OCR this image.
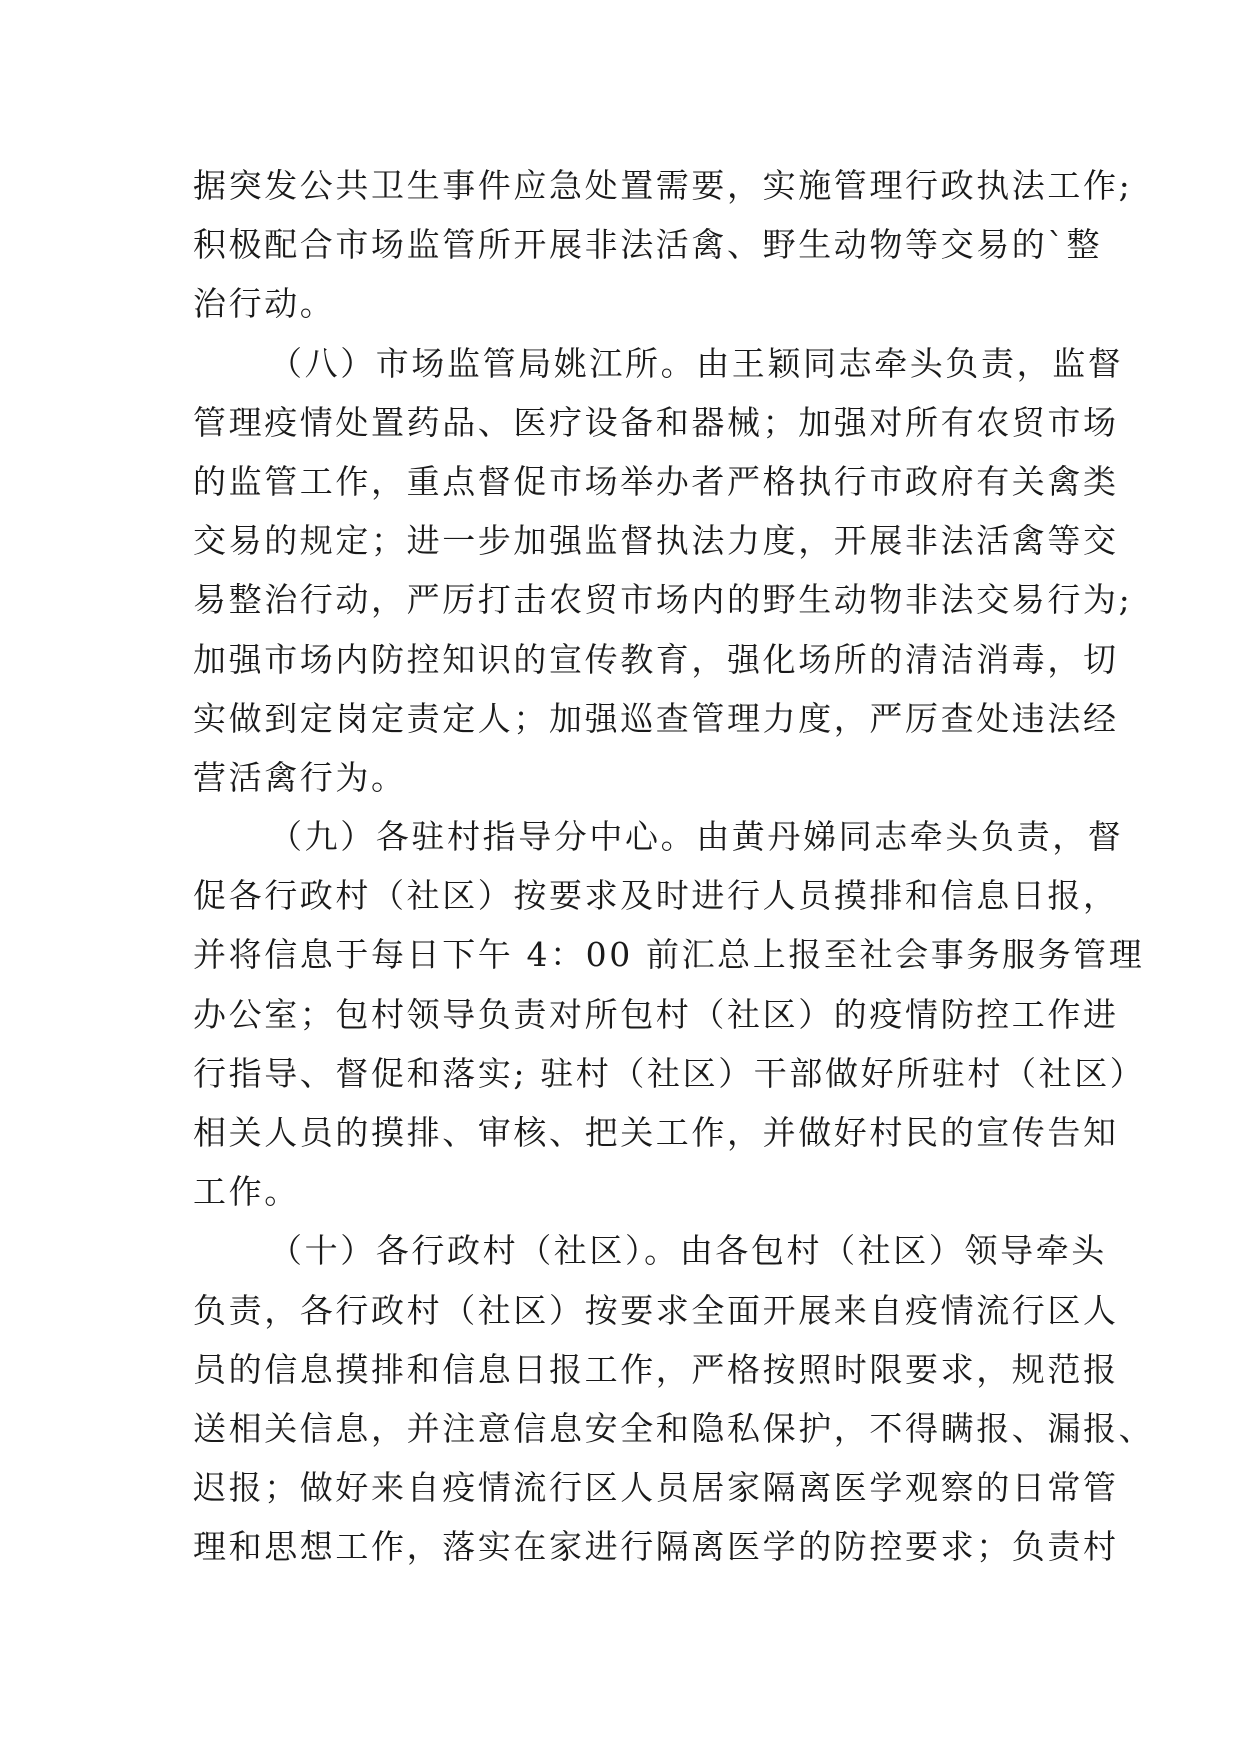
据突发公共卫生事件应急处置需要，实施管理行政执法工作;
积极配合市场监管所开展非法活禽、野生动物等交易的`整
治行动。
（八）市场监管局姚江所。由王颖同志牵头负责，监督
管理疫情处置药品、医疗设备和器械；加强对所有农贸市场
的监管工作，重点督促市场举办者严格执行市政府有关禽类
交易的规定；进一步加强监督执法力度，开展非法活禽等交
易整治行动，严厉打击农贸市场内的野生动物非法交易行为;
加强市场内防控知识的宣传教育，强化场所的清洁消毒，切
实做到定岗定责定人；加强巡查管理力度，严厉查处违法经
营活禽行为。
（九）各驻村指导分中心。由黄丹娣同志牵头负责，督
促各行政村（社区）按要求及时进行人员摸排和信息日报，
并将信息于每日下午 4：00 前汇总上报至社会事务服务管理
办公室；包村领导负责对所包村（社区）的疫情防控工作进
行指导、督促和落实; 驻村（社区）干部做好所驻村（社区）
相关人员的摸排、审核、把关工作，并做好村民的宣传告知
工作。
（十）各行政村（社区）。由各包村（社区）领导牵头
负责，各行政村（社区）按要求全面开展来自疫情流行区人
员的信息摸排和信息日报工作，严格按照时限要求，规范报
送相关信息，并注意信息安全和隐私保护，不得瞒报、漏报、
迟报；做好来自疫情流行区人员居家隔离医学观察的日常管
理和思想工作，落实在家进行隔离医学的防控要求；负责村
